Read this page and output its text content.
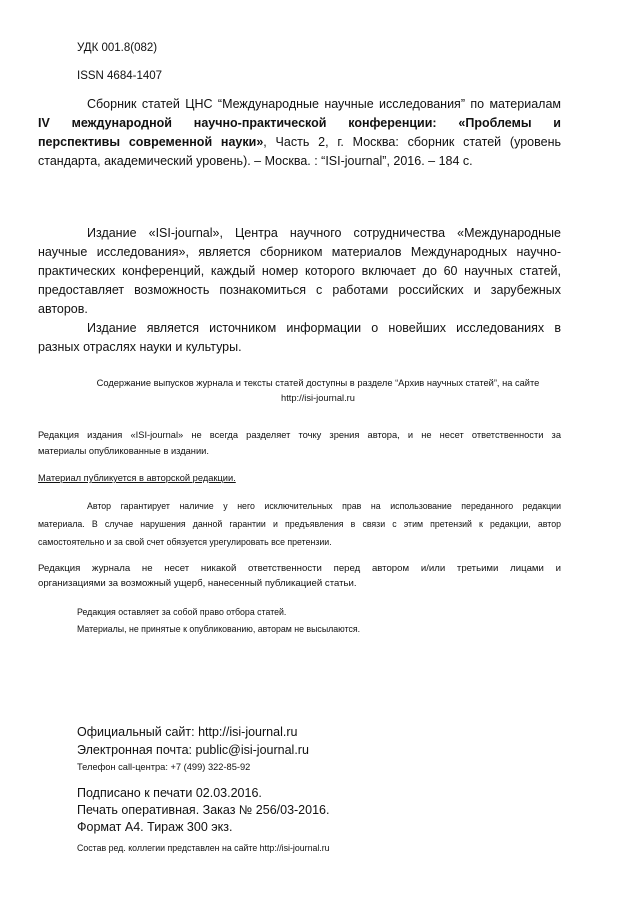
УДК 001.8(082)
ISSN 4684-1407
Сборник статей ЦНС “Международные научные исследования” по материалам
IV международной научно-практической конференции: «Проблемы и
перспективы современной науки», Часть 2, г. Москва: сборник статей (уровень
стандарта, академический уровень). – Москва. : “ISI-journal”, 2016. – 184 с.
Издание «ISI-journal», Центра научного сотрудничества «Международные
научные исследования», является сборником материалов Международных научно-
практических конференций, каждый номер которого включает до 60 научных статей,
предоставляет возможность познакомиться с работами российских и зарубежных
авторов.
Издание является источником информации о новейших исследованиях в
разных отраслях науки и культуры.
Содержание выпусков журнала и тексты статей доступны в разделе “Архив научных статей”, на сайте
http://isi-journal.ru
Редакция издания «ISI-journal» не всегда разделяет точку зрения автора, и не несет ответственности за
материалы опубликованные в издании.
Материал публикуется в авторской редакции.
Автор гарантирует наличие у него исключительных прав на использование переданного редакции
материала. В случае нарушения данной гарантии и предъявления в связи с этим претензий к редакции, автор
самостоятельно и за свой счет обязуется урегулировать все претензии.
Редакция журнала не несет никакой ответственности перед автором и/или третьими лицами и
организациями за возможный ущерб, нанесенный публикацией статьи.
Редакция оставляет за собой право отбора статей.
Материалы, не принятые к опубликованию, авторам не высылаются.
Официальный сайт: http://isi-journal.ru
Электронная почта: public@isi-journal.ru
Телефон call-центра: +7 (499) 322-85-92
Подписано к печати 02.03.2016.
Печать оперативная. Заказ № 256/03-2016.
Формат А4. Тираж 300 экз.
Состав ред. коллегии представлен на сайте http://isi-journal.ru
